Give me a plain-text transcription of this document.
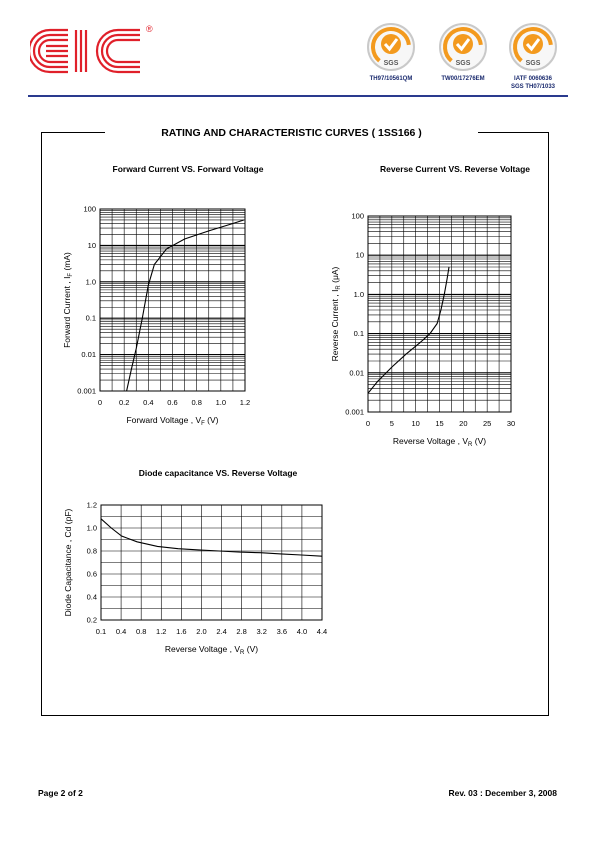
®
SGS
TH97/10561QM
SGS
TW00/17276EM
SGS
IATF 0060636
SGS TH07/1033
RATING AND CHARACTERISTIC CURVES ( 1SS166 )
Forward Current VS. Forward Voltage	Reverse Current VS. Reverse Voltage
Diode capacitance VS. Reverse Voltage
0 0.2 0.4 0.6 0.8 1.0 1.2
0.001
0.01
0.1
1.0
10
100
Forward Voltage , $V_F$ (V)
Forward Current , $I_F$ (mA)
0	5 10 15 20 25 30
0.001
0.01
0.1
1.0
10
100
Reverse Voltage , $V_R$ (V)
Reverse Current , $I_R$ (μA)
0.1 0.4 0.8 1.2 1.6 2.0 2.4 2.8 3.2 3.6 4.0 4.4
0.2
0.4
0.6
0.8
1.0
1.2
Reverse Voltage , $V_R$ (V)
Diode Capacitance , Cd (pF)
Page 2 of 2	Rev. 03 : December 3, 2008
